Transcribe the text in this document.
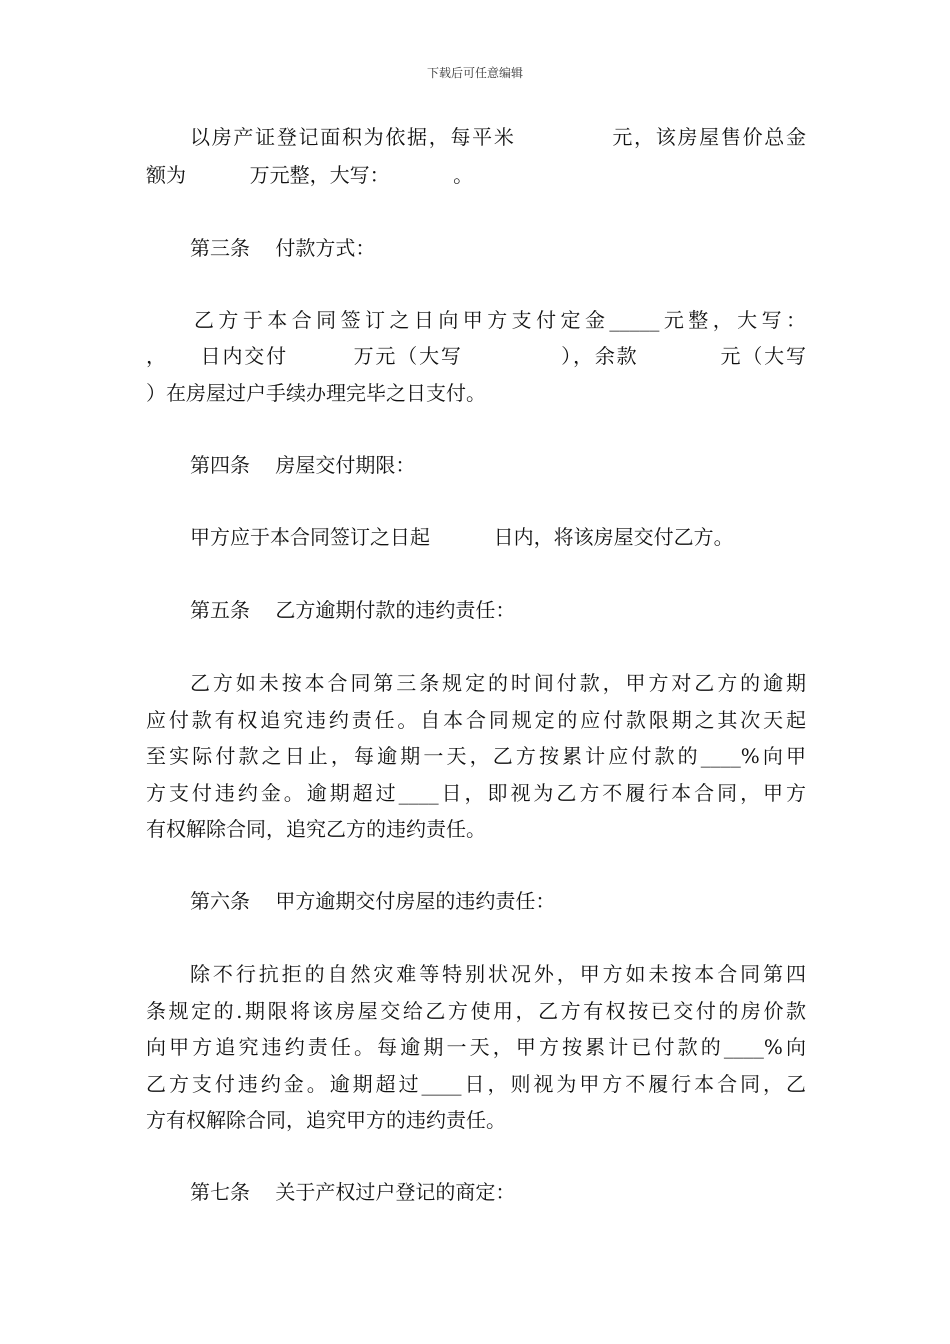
下载后可任意编辑
以房产证登记面积为依据，每平米            元，该房屋售价总金
额为          万元整，大写：          。
第三条    付款方式：
乙方于本合同签订之日向甲方支付定金_____元整，大写：
，    日内交付        万元（大写            ），余款          元（大写
）在房屋过户手续办理完毕之日支付。
第四条    房屋交付期限：
甲方应于本合同签订之日起          日内，将该房屋交付乙方。
第五条    乙方逾期付款的违约责任：
乙方如未按本合同第三条规定的时间付款，甲方对乙方的逾期
应付款有权追究违约责任。自本合同规定的应付款限期之其次天起
至实际付款之日止，每逾期一天，乙方按累计应付款的____%向甲
方支付违约金。逾期超过____日，即视为乙方不履行本合同，甲方
有权解除合同，追究乙方的违约责任。
第六条    甲方逾期交付房屋的违约责任：
除不行抗拒的自然灾难等特别状况外，甲方如未按本合同第四
条规定的.期限将该房屋交给乙方使用，乙方有权按已交付的房价款
向甲方追究违约责任。每逾期一天，甲方按累计已付款的____%向
乙方支付违约金。逾期超过____日，则视为甲方不履行本合同，乙
方有权解除合同，追究甲方的违约责任。
第七条    关于产权过户登记的商定：
